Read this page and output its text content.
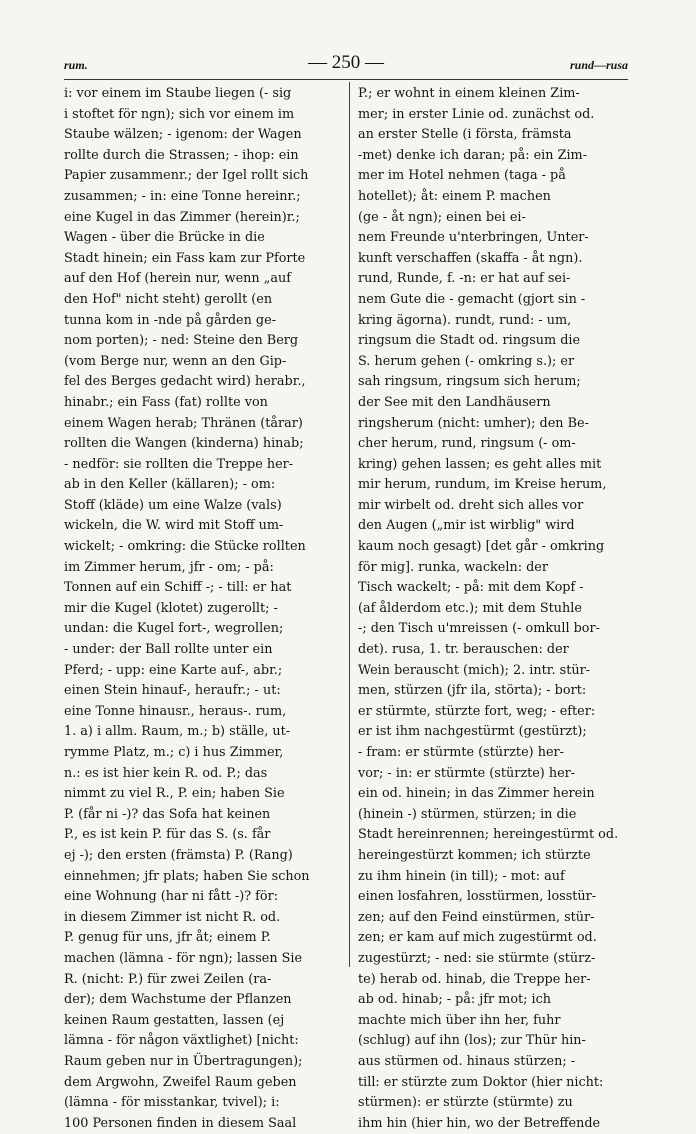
rum.	— 250 —	rund—rusa
i: vor einem im Staube liegen (- sig
i stoftet för ngn); sich vor einem im
Staube wälzen; - igenom: der Wagen
rollte durch die Strassen; - ihop: ein
Papier zusammenr.; der Igel rollt sich
zusammen; - in: eine Tonne hereinr.;
eine Kugel in das Zimmer (herein)r.;
Wagen - über die Brücke in die
Stadt hinein; ein Fass kam zur Pforte
auf den Hof (herein nur, wenn „auf
den Hof" nicht steht) gerollt (en
tunna kom in -nde på gården ge-
nom porten); - ned: Steine den Berg
(vom Berge nur, wenn an den Gip-
fel des Berges gedacht wird) herabr.,
hinabr.; ein Fass (fat) rollte von
einem Wagen herab; Thränen (tårar)
rollten die Wangen (kinderna) hinab;
- nedför: sie rollten die Treppe her-
ab in den Keller (källaren); - om:
Stoff (kläde) um eine Walze (vals)
wickeln, die W. wird mit Stoff um-
wickelt; - omkring: die Stücke rollten
im Zimmer herum, jfr - om; - på:
Tonnen auf ein Schiff -; - till: er hat
mir die Kugel (klotet) zugerollt; -
undan: die Kugel fort-, wegrollen;
- under: der Ball rollte unter ein
Pferd; - upp: eine Karte auf-, abr.;
einen Stein hinauf-, heraufr.; - ut:
eine Tonne hinausr., heraus-. rum,
1. a) i allm. Raum, m.; b) ställe, ut-
rymme Platz, m.; c) i hus Zimmer,
n.: es ist hier kein R. od. P.; das
nimmt zu viel R., P. ein; haben Sie
P. (får ni -)? das Sofa hat keinen
P., es ist kein P. für das S. (s. får
ej -); den ersten (främsta) P. (Rang)
einnehmen; jfr plats; haben Sie schon
eine Wohnung (har ni fått -)? för:
in diesem Zimmer ist nicht R. od.
P. genug für uns, jfr åt; einem P.
machen (lämna - för ngn); lassen Sie
R. (nicht: P.) für zwei Zeilen (ra-
der); dem Wachstume der Pflanzen
keinen Raum gestatten, lassen (ej
lämna - för någon växtlighet) [nicht:
Raum geben nur in Übertragungen);
dem Argwohn, Zweifel Raum geben
(lämna - för misstankar, tvivel); i:
100 Personen finden in diesem Saal
P.; er wohnt in einem kleinen Zim-
mer; in erster Linie od. zunächst od.
an erster Stelle (i första, främsta
-met) denke ich daran; på: ein Zim-
mer im Hotel nehmen (taga - på
hotellet); åt: einem P. machen
(ge - åt ngn); einen bei ei-
nem Freunde u'nterbringen, Unter-
kunft verschaffen (skaffa - åt ngn).
rund, Runde, f. -n: er hat auf sei-
nem Gute die - gemacht (gjort sin -
kring ägorna). rundt, rund: - um,
ringsum die Stadt od. ringsum die
S. herum gehen (- omkring s.); er
sah ringsum, ringsum sich herum;
der See mit den Landhäusern
ringsherum (nicht: umher); den Be-
cher herum, rund, ringsum (- om-
kring) gehen lassen; es geht alles mit
mir herum, rundum, im Kreise herum,
mir wirbelt od. dreht sich alles vor
den Augen („mir ist wirblig" wird
kaum noch gesagt) [det går - omkring
för mig]. runka, wackeln: der
Tisch wackelt; - på: mit dem Kopf -
(af ålderdom etc.); mit dem Stuhle
-; den Tisch u'mreissen (- omkull bor-
det). rusa, 1. tr. berauschen: der
Wein berauscht (mich); 2. intr. stür-
men, stürzen (jfr ila, störta); - bort:
er stürmte, stürzte fort, weg; - efter:
er ist ihm nachgestürmt (gestürzt);
- fram: er stürmte (stürzte) her-
vor; - in: er stürmte (stürzte) her-
ein od. hinein; in das Zimmer herein
(hinein -) stürmen, stürzen; in die
Stadt hereinrennen; hereingestürmt od.
hereingestürzt kommen; ich stürzte
zu ihm hinein (in till); - mot: auf
einen losfahren, losstürmen, losstür-
zen; auf den Feind einstürmen, stür-
zen; er kam auf mich zugestürmt od.
zugestürzt; - ned: sie stürmte (stürz-
te) herab od. hinab, die Treppe her-
ab od. hinab; - på: jfr mot; ich
machte mich über ihn her, fuhr
(schlug) auf ihn (los); zur Thür hin-
aus stürmen od. hinaus stürzen; -
till: er stürzte zum Doktor (hier nicht:
stürmen): er stürzte (stürmte) zu
ihm hin (hier hin, wo der Betreffende
